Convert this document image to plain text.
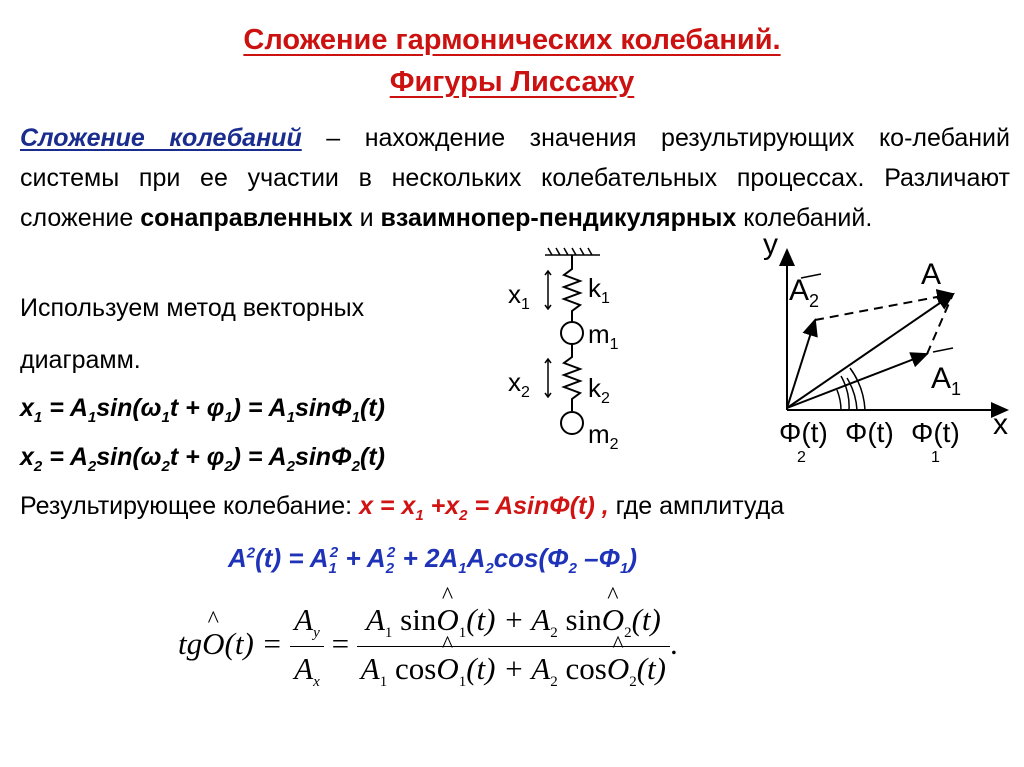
Сложение гармонических колебаний.
Фигуры Лиссажу
Сложение колебаний – нахождение значения результирующих ко-лебаний системы при ее участии в нескольких колебательных процессах. Различают сложение сонаправленных и взаимнопер-пендикулярных колебаний.
Используем метод векторных
диаграмм.
$x_1 = A_1\sin(\omega_1t + \varphi_1) = A_1\sin\Phi_1(t)$
$x_2 = A_2\sin(\omega_2t + \varphi_2) = A_2\sin\Phi_2(t)$
Результирующее колебание: $x = x_1 +x_2 = Asin\Phi(t)$ , где амплитуда
$A^2(t) = A_1^2 + A_2^2 + 2A_1A_2\cos(\Phi_2$ $-\Phi_1$)
tg^ $O(t) = \frac{A_y}{A_x} = \frac{A_1 \sin\^{} O_1(t) + A_2 \sin\^{} O_2(t)}{A_1 \cos\^{} O_1(t) + A_2 \cos\^{} O_2(t)}$ .
$x_1$
$k_1$
$m_1$
$x_2$ $k_2$
$m_2$
y
x
A
$A_2$
$A_1$
Φ(t)
2
Φ(t) Φ(t)
1
